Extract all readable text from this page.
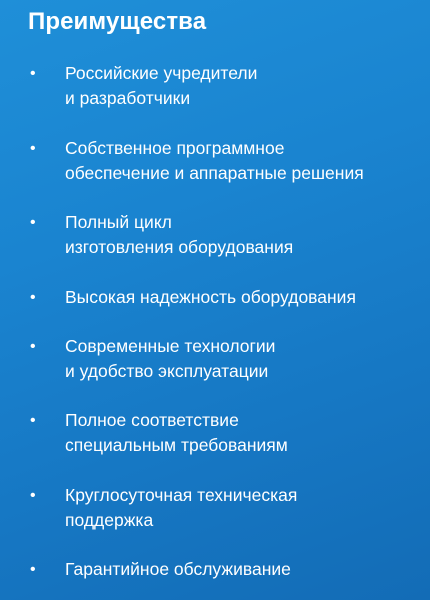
Преимущества
• Российские учредители
и разработчики
• Собственное программное
обеспечение и аппаратные решения
• Полный цикл
изготовления оборудования
• Высокая надежность оборудования
• Современные технологии
и удобство эксплуатации
• Полное соответствие
специальным требованиям
• Круглосуточная техническая
поддержка
• Гарантийное обслуживание
